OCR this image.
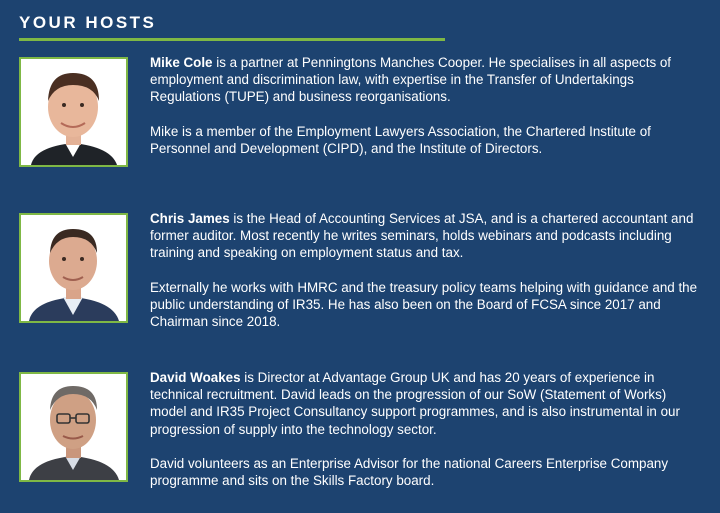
YOUR HOSTS

Mike Cole is a partner at Penningtons Manches Cooper. He specialises in all aspects of employment and discrimination law, with expertise in the Transfer of Undertakings Regulations (TUPE) and business reorganisations.

Mike is a member of the Employment Lawyers Association, the Chartered Institute of Personnel and Development (CIPD), and the Institute of Directors.

Chris James is the Head of Accounting Services at JSA, and is a chartered accountant and former auditor. Most recently he writes seminars, holds webinars and podcasts including training and speaking on employment status and tax.

Externally he works with HMRC and the treasury policy teams helping with guidance and the public understanding of IR35. He has also been on the Board of FCSA since 2017 and Chairman since 2018.

David Woakes is Director at Advantage Group UK and has 20 years of experience in technical recruitment. David leads on the progression of our SoW (Statement of Works) model and IR35 Project Consultancy support programmes, and is also instrumental in our progression of supply into the technology sector.

David volunteers as an Enterprise Advisor for the national Careers Enterprise Company programme and sits on the Skills Factory board.
